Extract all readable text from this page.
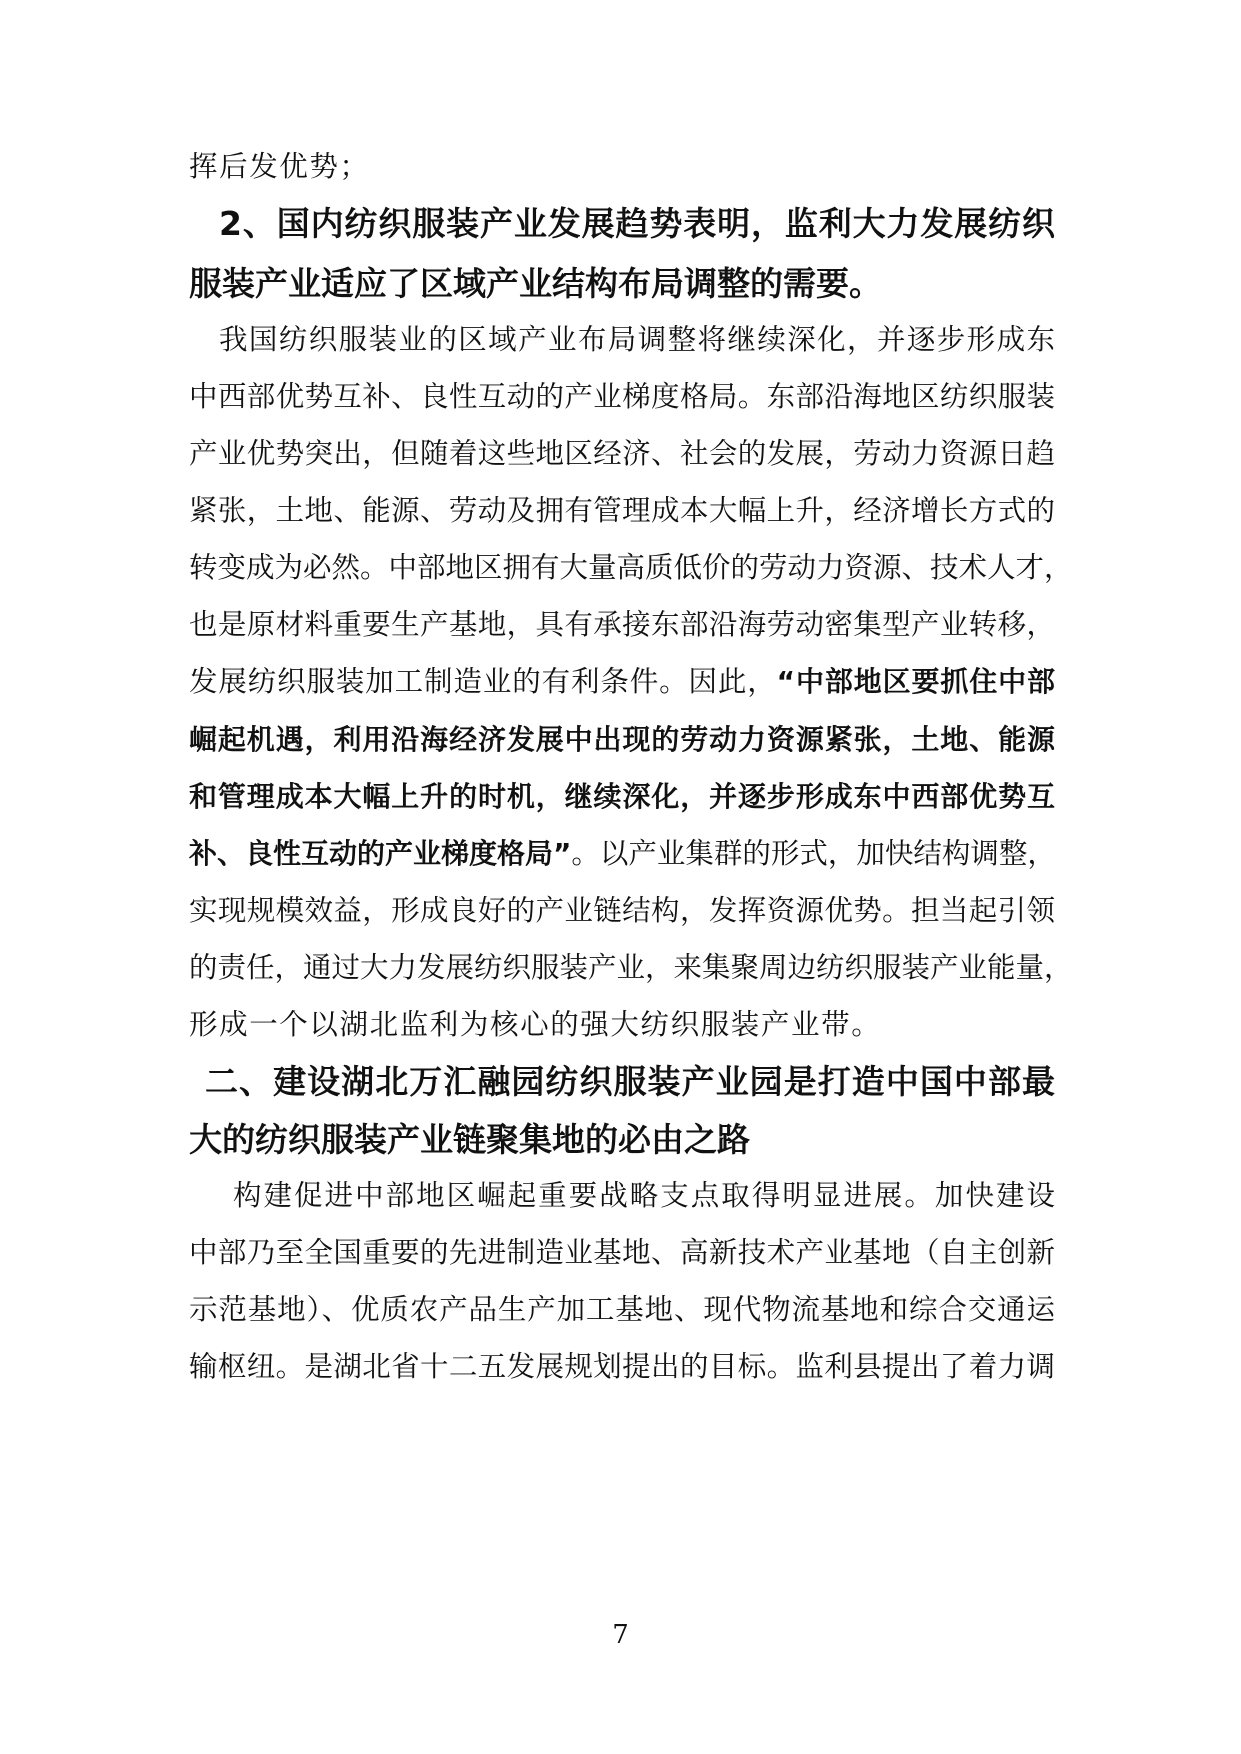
挥后发优势；

2、国内纺织服装产业发展趋势表明，监利大力发展纺织
服装产业适应了区域产业结构布局调整的需要。

我国纺织服装业的区域产业布局调整将继续深化，并逐步形成东

中西部优势互补、良性互动的产业梯度格局。东部沿海地区纺织服装

产业优势突出，但随着这些地区经济、社会的发展，劳动力资源日趋

紧张，土地、能源、劳动及拥有管理成本大幅上升，经济增长方式的

转变成为必然。中部地区拥有大量高质低价的劳动力资源、技术人才，

也是原材料重要生产基地，具有承接东部沿海劳动密集型产业转移，

发展纺织服装加工制造业的有利条件。因此，“中部地区要抓住中部

崛起机遇，利用沿海经济发展中出现的劳动力资源紧张，土地、能源

和管理成本大幅上升的时机，继续深化，并逐步形成东中西部优势互

补、良性互动的产业梯度格局”。以产业集群的形式，加快结构调整，

实现规模效益，形成良好的产业链结构，发挥资源优势。担当起引领

的责任，通过大力发展纺织服装产业，来集聚周边纺织服装产业能量，

形成一个以湖北监利为核心的强大纺织服装产业带。

二、建设湖北万汇融园纺织服装产业园是打造中国中部最
大的纺织服装产业链聚集地的必由之路

构建促进中部地区崛起重要战略支点取得明显进展。加快建设

中部乃至全国重要的先进制造业基地、高新技术产业基地（自主创新

示范基地）、优质农产品生产加工基地、现代物流基地和综合交通运

输枢纽。是湖北省十二五发展规划提出的目标。监利县提出了着力调

7
